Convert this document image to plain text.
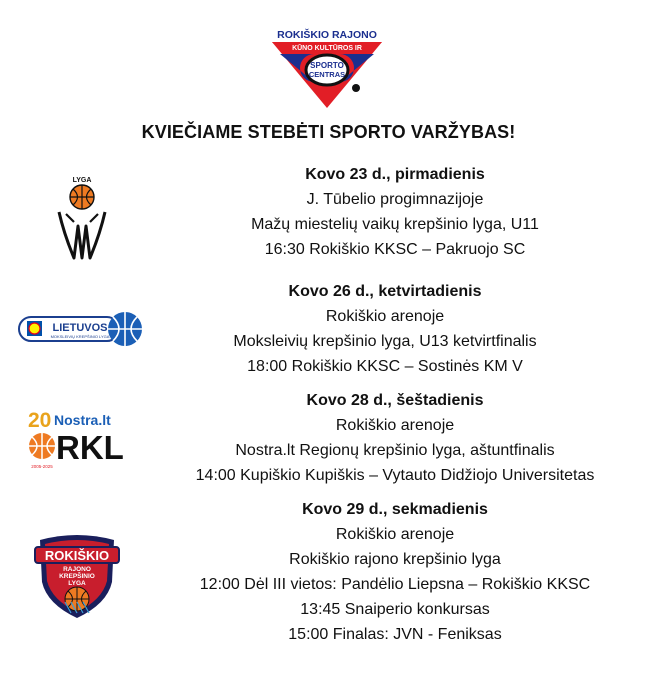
ROKIŠKIO RAJONO
KŪNO KULTŪROS IR
SPORTO
CENTRAS
KVIEČIAME STEBĖTI SPORTO VARŽYBAS!
LYGA	Kovo 23 d., pirmadienis
J. Tūbelio progimnazijoje
Mažų miestelių vaikų krepšinio lyga, U11
16:30 Rokiškio KKSC – Pakruojo SC
LIETUVOS
MOKSLEIVIŲ KREPŠINIO LYGA
Kovo 26 d., ketvirtadienis
Rokiškio arenoje
Moksleivių krepšinio lyga, U13 ketvirtfinalis
18:00 Rokiškio KKSC – Sostinės KM V
20 Nostra.lt
RKL
2005-2025
Kovo 28 d., šeštadienis
Rokiškio arenoje
Nostra.lt Regionų krepšinio lyga, aštuntfinalis
14:00 Kupiškio Kupiškis – Vytauto Didžiojo Universitetas
ROKIŠKIO
RAJONO
KREPŠINIO
LYGA
Kovo 29 d., sekmadienis
Rokiškio arenoje
Rokiškio rajono krepšinio lyga
12:00 Dėl III vietos: Pandėlio Liepsna – Rokiškio KKSC
13:45 Snaiperio konkursas
15:00 Finalas: JVN - Feniksas
